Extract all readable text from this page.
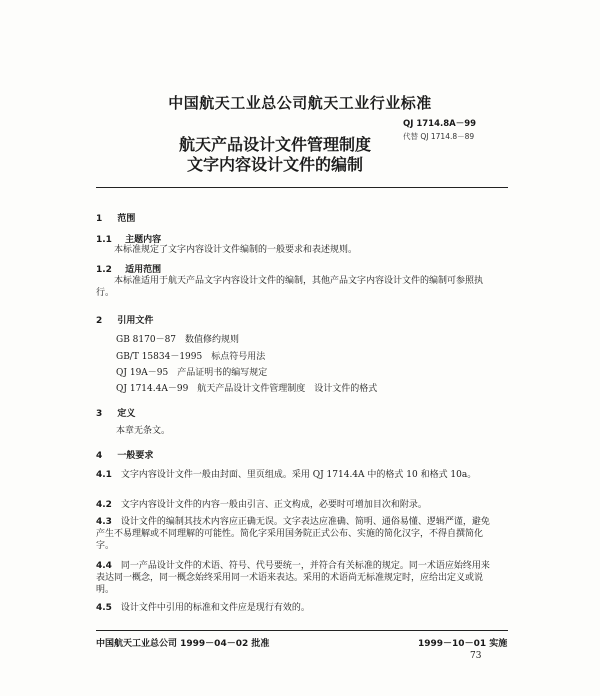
中国航天工业总公司航天工业行业标准
QJ 1714.8A－99
代替 QJ 1714.8－89
航天产品设计文件管理制度
文字内容设计文件的编制
1 范围
1.1 主题内容
本标准规定了文字内容设计文件编制的一般要求和表述规则。
1.2 适用范围
本标准适用于航天产品文字内容设计文件的编制，其他产品文字内容设计文件的编制可参照执行。
2 引用文件
GB 8170－87　数值修约规则
GB/T 15834－1995　标点符号用法
QJ 19A－95　产品证明书的编写规定
QJ 1714.4A－99　航天产品设计文件管理制度　设计文件的格式
3 定义
本章无条文。
4 一般要求
4.1 文字内容设计文件一般由封面、里页组成。采用 QJ 1714.4A 中的格式 10 和格式 10a。
4.2 文字内容设计文件的内容一般由引言、正文构成，必要时可增加目次和附录。
4.3 设计文件的编制其技术内容应正确无误。文字表达应准确、简明、通俗易懂、逻辑严谨，避免产生不易理解或不同理解的可能性。简化字采用国务院正式公布、实施的简化汉字，不得自撰简化字。
4.4 同一产品设计文件的术语、符号、代号要统一，并符合有关标准的规定。同一术语应始终用来表达同一概念，同一概念始终采用同一术语来表达。采用的术语尚无标准规定时，应给出定义或说明。
4.5 设计文件中引用的标准和文件应是现行有效的。
中国航天工业总公司 1999－04－02 批准	1999－10－01 实施
73
